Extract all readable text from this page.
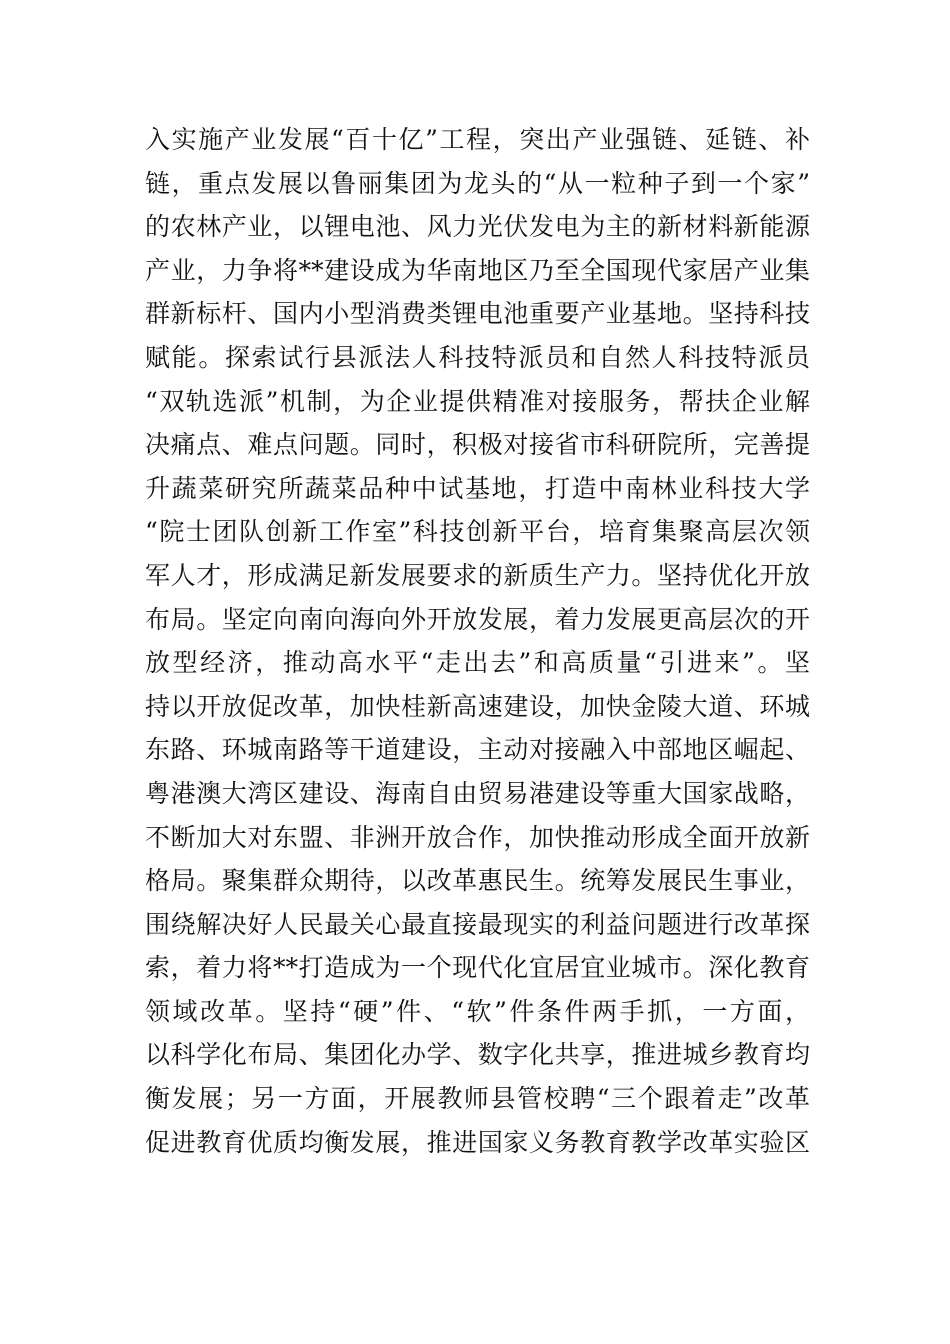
入实施产业发展“百十亿”工程，突出产业强链、延链、补
链，重点发展以鲁丽集团为龙头的“从一粒种子到一个家”
的农林产业，以锂电池、风力光伏发电为主的新材料新能源
产业，力争将**建设成为华南地区乃至全国现代家居产业集
群新标杆、国内小型消费类锂电池重要产业基地。坚持科技
赋能。探索试行县派法人科技特派员和自然人科技特派员
“双轨选派”机制，为企业提供精准对接服务，帮扶企业解
决痛点、难点问题。同时，积极对接省市科研院所，完善提
升蔬菜研究所蔬菜品种中试基地，打造中南林业科技大学
“院士团队创新工作室”科技创新平台，培育集聚高层次领
军人才，形成满足新发展要求的新质生产力。坚持优化开放
布局。坚定向南向海向外开放发展，着力发展更高层次的开
放型经济，推动高水平“走出去”和高质量“引进来”。坚
持以开放促改革，加快桂新高速建设，加快金陵大道、环城
东路、环城南路等干道建设，主动对接融入中部地区崛起、
粤港澳大湾区建设、海南自由贸易港建设等重大国家战略，
不断加大对东盟、非洲开放合作，加快推动形成全面开放新
格局。聚集群众期待，以改革惠民生。统筹发展民生事业，
围绕解决好人民最关心最直接最现实的利益问题进行改革探
索，着力将**打造成为一个现代化宜居宜业城市。深化教育
领域改革。坚持“硬”件、“软”件条件两手抓，一方面，
以科学化布局、集团化办学、数字化共享，推进城乡教育均
衡发展；另一方面，开展教师县管校聘“三个跟着走”改革
促进教育优质均衡发展，推进国家义务教育教学改革实验区
